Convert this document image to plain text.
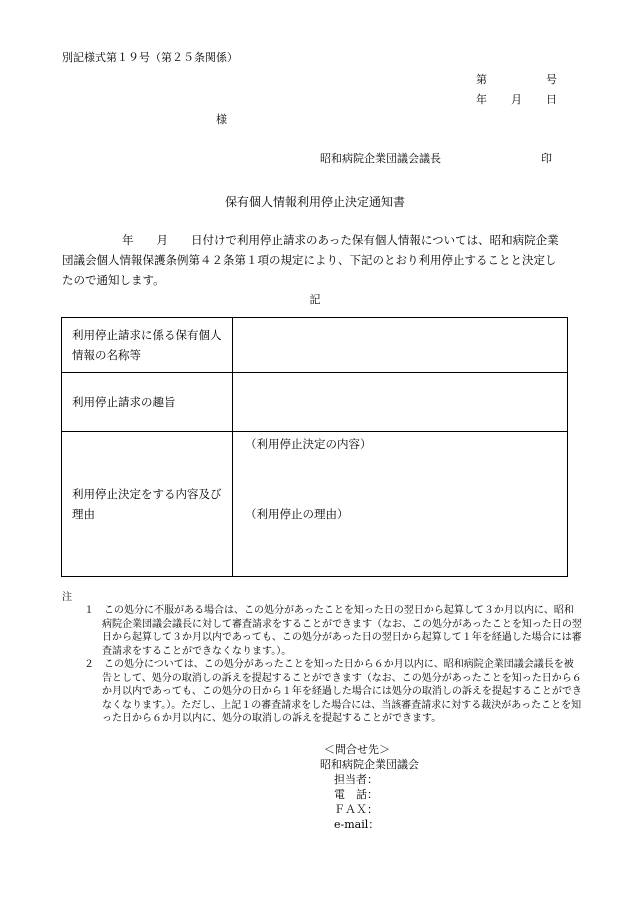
別記様式第１９号（第２５条関係）
第	号
年 月 日
様
昭和病院企業団議会議長	印
保有個人情報利用停止決定通知書
年　　月　　日付けで利用停止請求のあった保有個人情報については、昭和病院企業
団議会個人情報保護条例第４２条第１項の規定により、下記のとおり利用停止することと決定し
たので通知します。
記
利用停止請求に係る保有個人情報の名称等	

利用停止請求の趣旨	

利用停止決定をする内容及び理由	（利用停止決定の内容）
（利用停止の理由）
注
１　この処分に不服がある場合は、この処分があったことを知った日の翌日から起算して３か月以内に、昭和
病院企業団議会議長に対して審査請求をすることができます（なお、この処分があったことを知った日の翌
日から起算して３か月以内であっても、この処分があった日の翌日から起算して１年を経過した場合には審
査請求をすることができなくなります。）。
２　この処分については、この処分があったことを知った日から６か月以内に、昭和病院企業団議会議長を被
告として、処分の取消しの訴えを提起することができます（なお、この処分があったことを知った日から６
か月以内であっても、この処分の日から１年を経過した場合には処分の取消しの訴えを提起することができ
なくなります。）。ただし、上記１の審査請求をした場合には、当該審査請求に対する裁決があったことを知
った日から６か月以内に、処分の取消しの訴えを提起することができます。
＜問合せ先＞
昭和病院企業団議会
担当者：
電　話：
ＦＡＸ：
e-mail：
